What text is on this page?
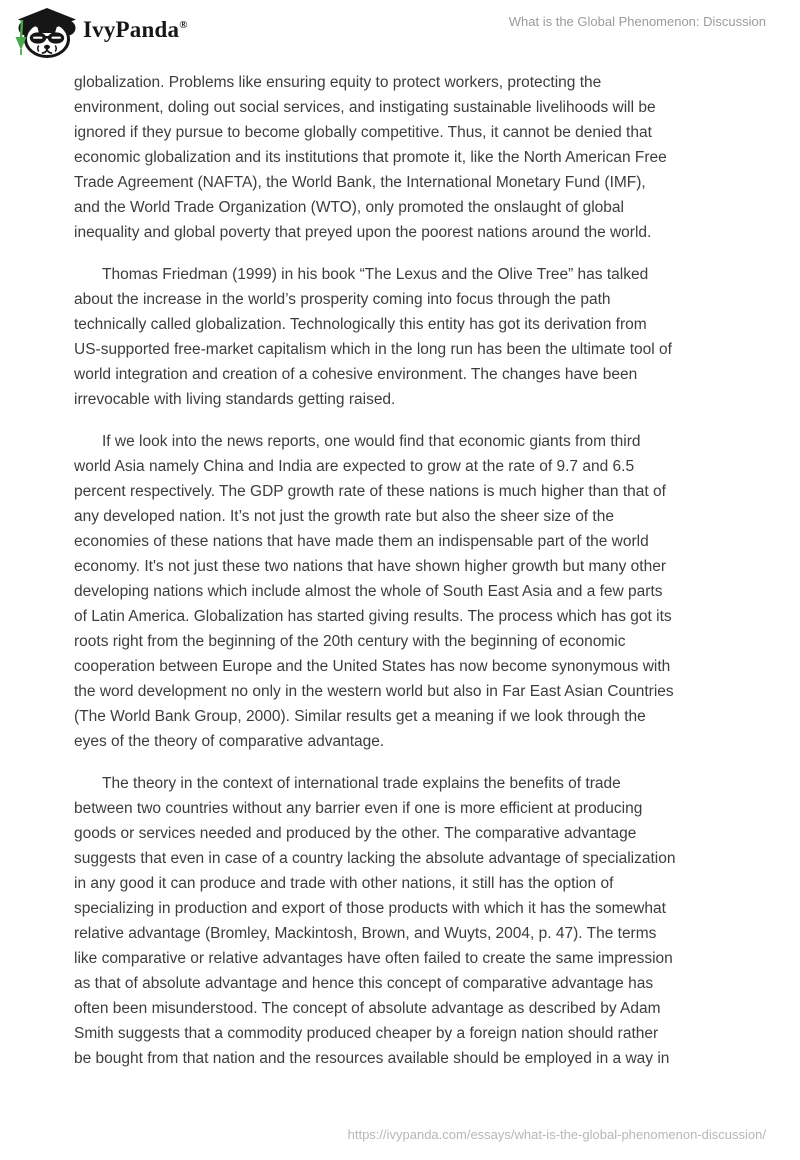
IvyPanda®	What is the Global Phenomenon: Discussion
globalization. Problems like ensuring equity to protect workers, protecting the
environment, doling out social services, and instigating sustainable livelihoods will be
ignored if they pursue to become globally competitive. Thus, it cannot be denied that
economic globalization and its institutions that promote it, like the North American Free
Trade Agreement (NAFTA), the World Bank, the International Monetary Fund (IMF),
and the World Trade Organization (WTO), only promoted the onslaught of global
inequality and global poverty that preyed upon the poorest nations around the world.
Thomas Friedman (1999) in his book “The Lexus and the Olive Tree” has talked
about the increase in the world’s prosperity coming into focus through the path
technically called globalization. Technologically this entity has got its derivation from
US-supported free-market capitalism which in the long run has been the ultimate tool of
world integration and creation of a cohesive environment. The changes have been
irrevocable with living standards getting raised.
If we look into the news reports, one would find that economic giants from third
world Asia namely China and India are expected to grow at the rate of 9.7 and 6.5
percent respectively. The GDP growth rate of these nations is much higher than that of
any developed nation. It’s not just the growth rate but also the sheer size of the
economies of these nations that have made them an indispensable part of the world
economy. It's not just these two nations that have shown higher growth but many other
developing nations which include almost the whole of South East Asia and a few parts
of Latin America. Globalization has started giving results. The process which has got its
roots right from the beginning of the 20th century with the beginning of economic
cooperation between Europe and the United States has now become synonymous with
the word development no only in the western world but also in Far East Asian Countries
(The World Bank Group, 2000). Similar results get a meaning if we look through the
eyes of the theory of comparative advantage.
The theory in the context of international trade explains the benefits of trade
between two countries without any barrier even if one is more efficient at producing
goods or services needed and produced by the other. The comparative advantage
suggests that even in case of a country lacking the absolute advantage of specialization
in any good it can produce and trade with other nations, it still has the option of
specializing in production and export of those products with which it has the somewhat
relative advantage (Bromley, Mackintosh, Brown, and Wuyts, 2004, p. 47). The terms
like comparative or relative advantages have often failed to create the same impression
as that of absolute advantage and hence this concept of comparative advantage has
often been misunderstood. The concept of absolute advantage as described by Adam
Smith suggests that a commodity produced cheaper by a foreign nation should rather
be bought from that nation and the resources available should be employed in a way in
https://ivypanda.com/essays/what-is-the-global-phenomenon-discussion/
